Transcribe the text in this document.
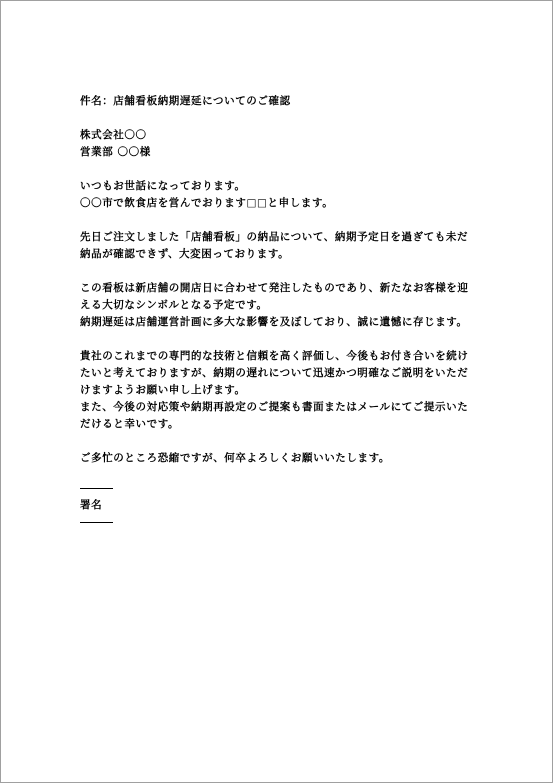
件名：店舗看板納期遅延についてのご確認

株式会社〇〇

営業部 〇〇様

いつもお世話になっております。

〇〇市で飲食店を営んでおります□□と申します。

先日ご注文しました「店舗看板」の納品について、納期予定日を過ぎても未だ

納品が確認できず、大変困っております。

この看板は新店舗の開店日に合わせて発注したものであり、新たなお客様を迎

える大切なシンボルとなる予定です。

納期遅延は店舗運営計画に多大な影響を及ぼしており、誠に遺憾に存じます。

貴社のこれまでの専門的な技術と信頼を高く評価し、今後もお付き合いを続け

たいと考えておりますが、納期の遅れについて迅速かつ明確なご説明をいただ

けますようお願い申し上げます。

また、今後の対応策や納期再設定のご提案も書面またはメールにてご提示いた

だけると幸いです。

ご多忙のところ恐縮ですが、何卒よろしくお願いいたします。

署名
